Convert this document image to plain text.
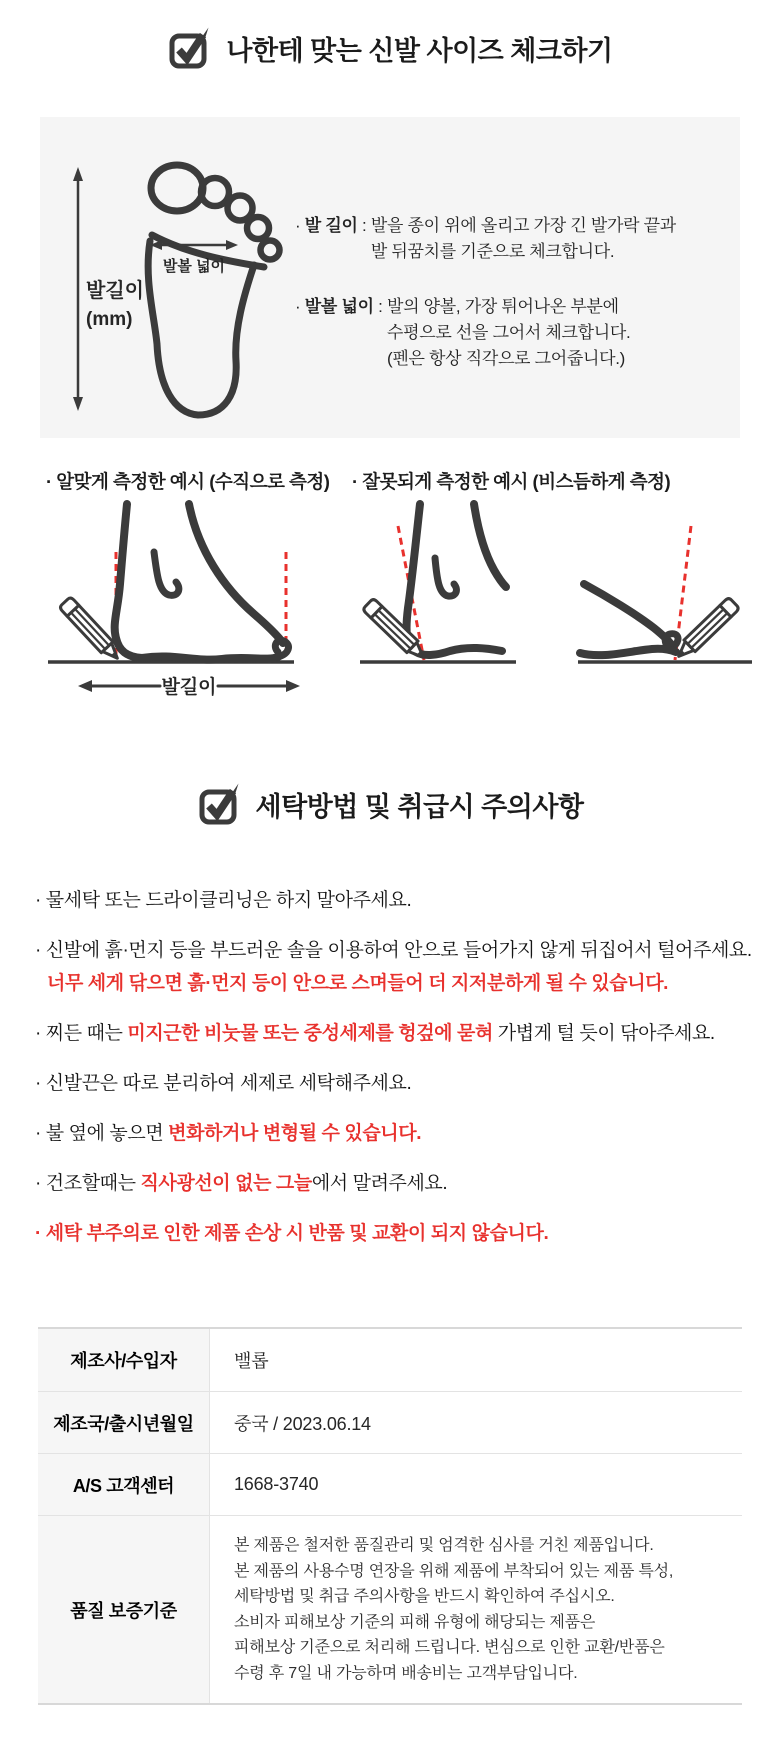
나한테 맞는 신발 사이즈 체크하기
발길이
(mm)
발볼 넓이
· 발 길이 : 발을 종이 위에 올리고 가장 긴 발가락 끝과
발 뒤꿈치를 기준으로 체크합니다.
· 발볼 넓이 : 발의 양볼, 가장 튀어나온 부분에
수평으로 선을 그어서 체크합니다.
(펜은 항상 직각으로 그어줍니다.)
· 알맞게 측정한 예시 (수직으로 측정) · 잘못되게 측정한 예시 (비스듬하게 측정)
발길이
세탁방법 및 취급시 주의사항
· 물세탁 또는 드라이클리닝은 하지 말아주세요.
· 신발에 흙·먼지 등을 부드러운 솔을 이용하여 안으로 들어가지 않게 뒤집어서 털어주세요.
너무 세게 닦으면 흙·먼지 등이 안으로 스며들어 더 지저분하게 될 수 있습니다.
· 찌든 때는 미지근한 비눗물 또는 중성세제를 헝겊에 묻혀 가볍게 털 듯이 닦아주세요.
· 신발끈은 따로 분리하여 세제로 세탁해주세요.
· 불 옆에 놓으면 변화하거나 변형될 수 있습니다.
· 건조할때는 직사광선이 없는 그늘에서 말려주세요.
· 세탁 부주의로 인한 제품 손상 시 반품 및 교환이 되지 않습니다.
제조사/수입자	밸롭
제조국/출시년월일	중국 / 2023.06.14
A/S 고객센터	1668-3740
품질 보증기준
본 제품은 철저한 품질관리 및 엄격한 심사를 거친 제품입니다.
본 제품의 사용수명 연장을 위해 제품에 부착되어 있는 제품 특성,
세탁방법 및 취급 주의사항을 반드시 확인하여 주십시오.
소비자 피해보상 기준의 피해 유형에 해당되는 제품은
피해보상 기준으로 처리해 드립니다. 변심으로 인한 교환/반품은
수령 후 7일 내 가능하며 배송비는 고객부담입니다.
